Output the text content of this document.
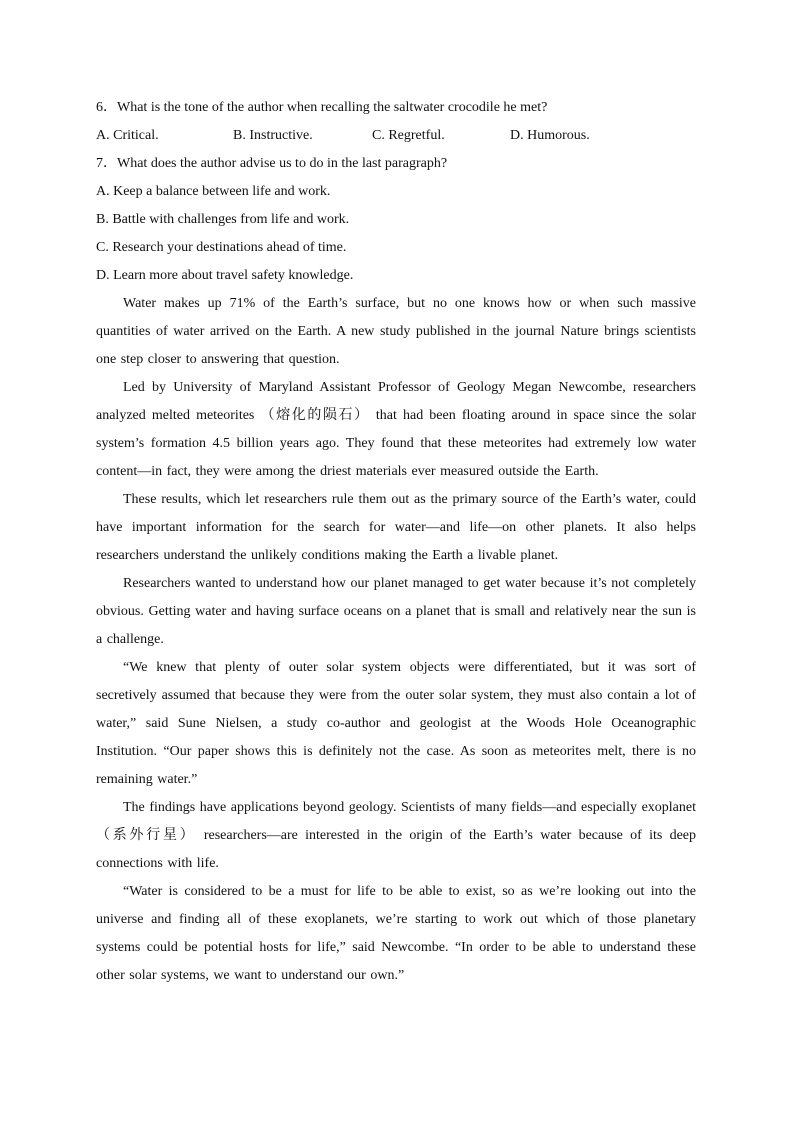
6．What is the tone of the author when recalling the saltwater crocodile he met?

A. Critical.	B. Instructive.	C. Regretful.	D. Humorous.

7．What does the author advise us to do in the last paragraph?

A. Keep a balance between life and work.
B. Battle with challenges from life and work.
C. Research your destinations ahead of time.
D. Learn more about travel safety knowledge.

Water makes up 71% of the Earth’s surface, but no one knows how or when such massive quantities of water arrived on the Earth. A new study published in the journal Nature brings scientists one step closer to answering that question.

Led by University of Maryland Assistant Professor of Geology Megan Newcombe, researchers analyzed melted meteorites （熔化的陨石） that had been floating around in space since the solar system’s formation 4.5 billion years ago. They found that these meteorites had extremely low water content—in fact, they were among the driest materials ever measured outside the Earth.

These results, which let researchers rule them out as the primary source of the Earth’s water, could have important information for the search for water—and life—on other planets. It also helps researchers understand the unlikely conditions making the Earth a livable planet.

Researchers wanted to understand how our planet managed to get water because it’s not completely obvious. Getting water and having surface oceans on a planet that is small and relatively near the sun is a challenge.

“We knew that plenty of outer solar system objects were differentiated, but it was sort of secretively assumed that because they were from the outer solar system, they must also contain a lot of water,” said Sune Nielsen, a study co-author and geologist at the Woods Hole Oceanographic Institution. “Our paper shows this is definitely not the case. As soon as meteorites melt, there is no remaining water.”

The findings have applications beyond geology. Scientists of many fields—and especially exoplanet （系外行星） researchers—are interested in the origin of the Earth’s water because of its deep connections with life.

“Water is considered to be a must for life to be able to exist, so as we’re looking out into the universe and finding all of these exoplanets, we’re starting to work out which of those planetary systems could be potential hosts for life,” said Newcombe. “In order to be able to understand these other solar systems, we want to understand our own.”
